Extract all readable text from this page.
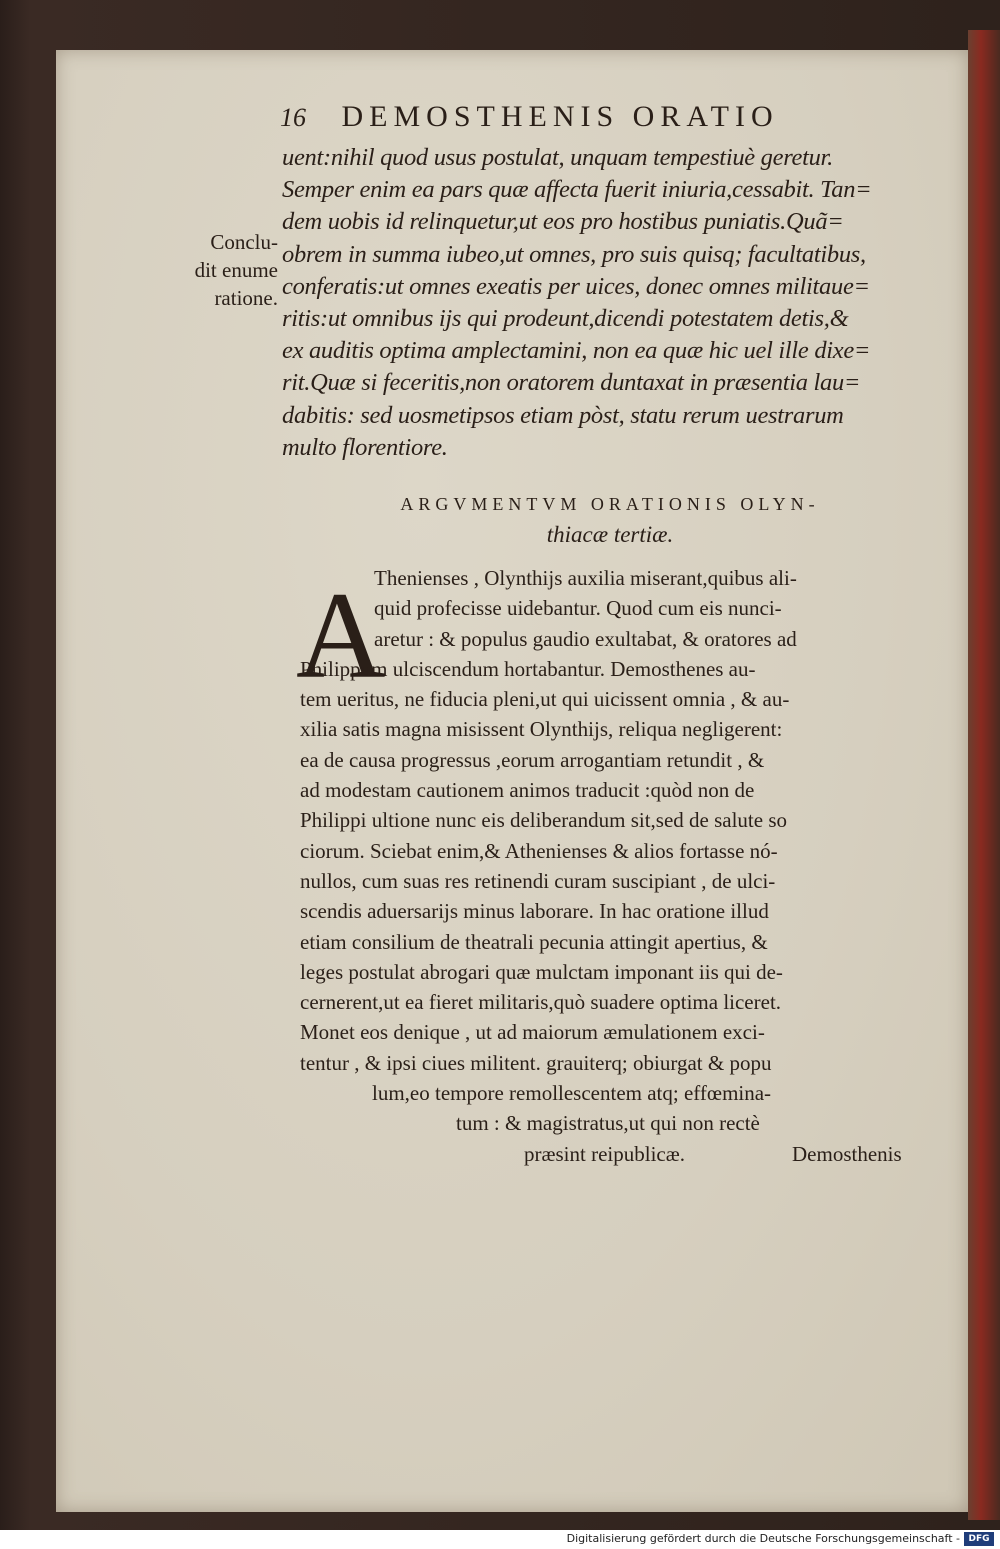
16 DEMOSTHENIS ORATIO
Conclu-
dit enume
ratione.
uent:nihil quod usus postulat, unquam tempestiuè geretur.
Semper enim ea pars quæ affecta fuerit iniuria,cessabit. Tan=
dem uobis id relinquetur,ut eos pro hostibus puniatis.Quã=
obrem in summa iubeo,ut omnes, pro suis quisq; facultatibus,
conferatis:ut omnes exeatis per uices, donec omnes militaue=
ritis:ut omnibus ijs qui prodeunt,dicendi potestatem detis,&
ex auditis optima amplectamini, non ea quæ hic uel ille dixe=
rit.Quæ si feceritis,non oratorem duntaxat in præsentia lau=
dabitis: sed uosmetipsos etiam pòst, statu rerum uestrarum
multo florentiore.
ARGVMENTVM ORATIONIS OLYN-
thiacæ tertiæ.
A
Thenienses , Olynthijs auxilia miserant,quibus ali-
quid profecisse uidebantur. Quod cum eis nunci-
aretur : & populus gaudio exultabat, & oratores ad
Philippum ulciscendum hortabantur. Demosthenes au-
tem ueritus, ne fiducia pleni,ut qui uicissent omnia , & au-
xilia satis magna misissent Olynthijs, reliqua negligerent:
ea de causa progressus ,eorum arrogantiam retundit , &
ad modestam cautionem animos traducit :quòd non de
Philippi ultione nunc eis deliberandum sit,sed de salute so
ciorum. Sciebat enim,& Athenienses & alios fortasse nó-
nullos, cum suas res retinendi curam suscipiant , de ulci-
scendis aduersarijs minus laborare. In hac oratione illud
etiam consilium de theatrali pecunia attingit apertius, &
leges postulat abrogari quæ mulctam imponant iis qui de-
cernerent,ut ea fieret militaris,quò suadere optima liceret.
Monet eos denique , ut ad maiorum æmulationem exci-
tentur , & ipsi ciues militent. grauiterq; obiurgat & popu
lum,eo tempore remollescentem atq; effœmina-
tum : & magistratus,ut qui non rectè
præsint reipublicæ.	Demosthenis
Digitalisierung gefördert durch die Deutsche Forschungsgemeinschaft - DFG
